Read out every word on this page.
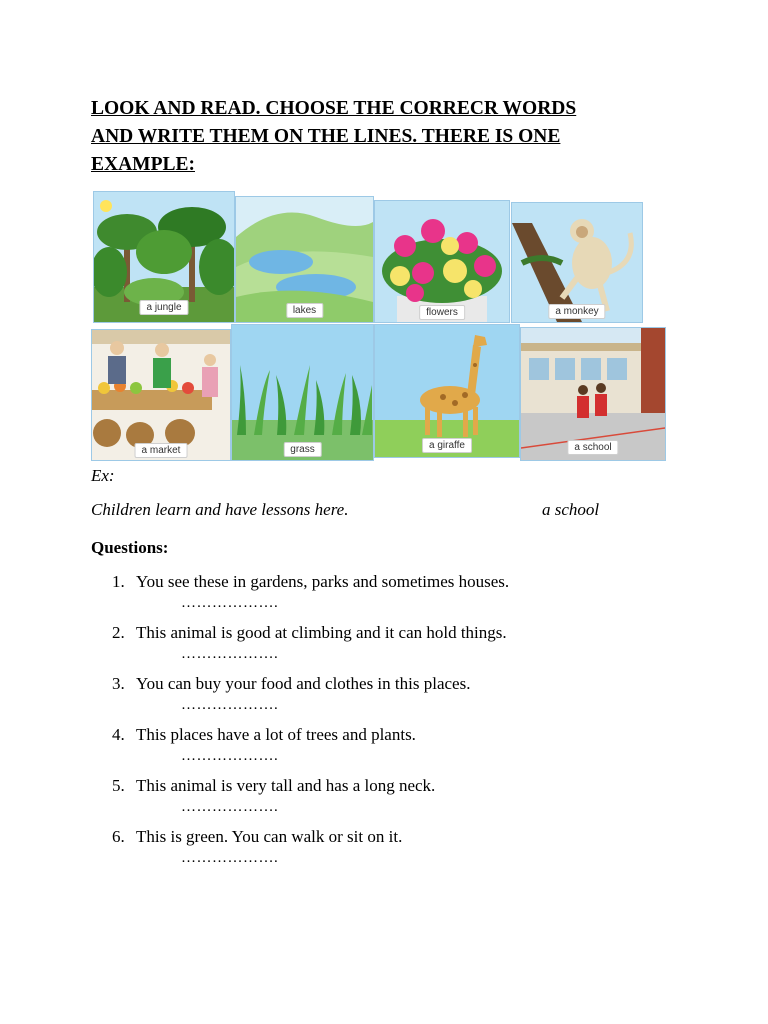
LOOK AND READ. CHOOSE THE CORRECR WORDS
AND WRITE THEM ON THE LINES. THERE IS ONE
EXAMPLE:
a jungle	lakes	flowers	a monkey
a market	grass	a giraffe	a school

Ex:

Children learn and have lessons here.	a school

Questions:

1. You see these in gardens, parks and sometimes houses.
……………….
2. This animal is good at climbing and it can hold things.
……………….
3. You can buy your food and clothes in this places.
……………….
4. This places have a lot of trees and plants.
……………….
5. This animal is very tall and has a long neck.
……………….
6. This is green. You can walk or sit on it.
……………….
